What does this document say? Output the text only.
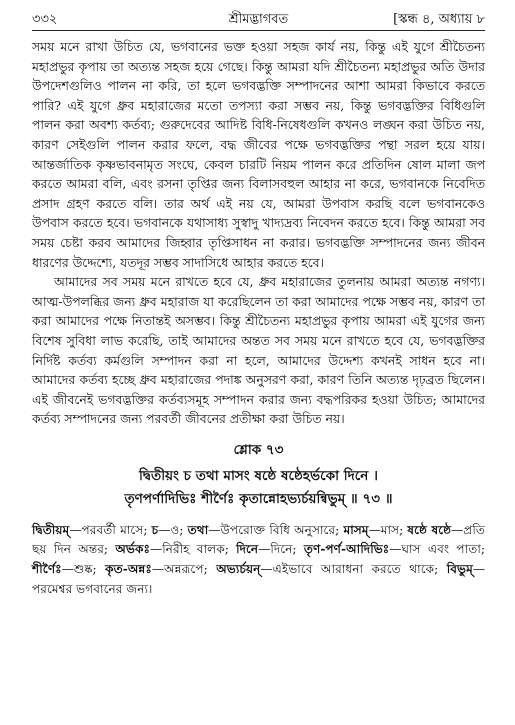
৩৩২	শ্রীমদ্ভাগবত	[স্কন্ধ ৪, অধ্যায় ৮

সময় মনে রাখা উচিত যে, ভগবানের ভক্ত হওয়া সহজ কার্য নয়, কিন্তু এই যুগে শ্রীচৈতন্য মহাপ্রভুর কৃপায় তা অত্যন্ত সহজ হয়ে গেছে। কিন্তু আমরা যদি শ্রীচৈতন্য মহাপ্রভুর অতি উদার উপদেশগুলিও পালন না করি, তা হলে ভগবদ্ভক্তি সম্পাদনের আশা আমরা কিভাবে করতে পারি? এই যুগে ধ্রুব মহারাজের মতো তপস্যা করা সম্ভব নয়, কিন্তু ভগবদ্ভক্তির বিধিগুলি পালন করা অবশ্য কর্তব্য; গুরুদেবের আদিষ্ট বিধি-নিষেধগুলি কখনও লঙ্ঘন করা উচিত নয়, কারণ সেইগুলি পালন করার ফলে, বদ্ধ জীবের পক্ষে ভগবদ্ভক্তির পন্থা সরল হয়ে যায়। আন্তর্জাতিক কৃষ্ণভাবনামৃত সংঘে, কেবল চারটি নিয়ম পালন করে প্রতিদিন ষোল মালা জপ করতে আমরা বলি, এবং রসনা তৃপ্তির জন্য বিলাসবহুল আহার না করে, ভগবানকে নিবেদিত প্রসাদ গ্রহণ করতে বলি। তার অর্থ এই নয় যে, আমরা উপবাস করছি বলে ভগবানকেও উপবাস করতে হবে। ভগবানকে যথাসাধ্য সুস্বাদু খাদ্যদ্রব্য নিবেদন করতে হবে। কিন্তু আমরা সব সময় চেষ্টা করব আমাদের জিহ্বার তৃপ্তিসাধন না করার। ভগবদ্ভক্তি সম্পাদনের জন্য জীবন ধারণের উদ্দেশ্যে, যতদূর সম্ভব সাদাসিধে আহার করতে হবে।

আমাদের সব সময় মনে রাখতে হবে যে, ধ্রুব মহারাজের তুলনায় আমরা অত্যন্ত নগণ্য। আত্ম-উপলব্ধির জন্য ধ্রুব মহারাজ যা করেছিলেন তা করা আমাদের পক্ষে সম্ভব নয়, কারণ তা করা আমাদের পক্ষে নিতান্তই অসম্ভব। কিন্তু শ্রীচৈতন্য মহাপ্রভুর কৃপায় আমরা এই যুগের জন্য বিশেষ সুবিধা লাভ করেছি, তাই আমাদের অন্তত সব সময় মনে রাখতে হবে যে, ভগবদ্ভক্তির নির্দিষ্ট কর্তব্য কর্মগুলি সম্পাদন করা না হলে, আমাদের উদ্দেশ্য কখনই সাধন হবে না। আমাদের কর্তব্য হচ্ছে ধ্রুব মহারাজের পদাঙ্ক অনুসরণ করা, কারণ তিনি অত্যন্ত দৃঢ়ব্রত ছিলেন। এই জীবনেই ভগবদ্ভক্তির কর্তব্যসমূহ সম্পাদন করার জন্য বদ্ধপরিকর হওয়া উচিত; আমাদের কর্তব্য সম্পাদনের জন্য পরবর্তী জীবনের প্রতীক্ষা করা উচিত নয়।

শ্লোক ৭৩

দ্বিতীয়ং চ তথা মাসং ষষ্ঠে ষষ্ঠেহর্ভকো দিনে ।

তৃণপর্ণাদিভিঃ শীর্ণৈঃ কৃতান্নোহভ্যর্চয়ন্বিভুম্ ॥ ৭৩ ॥

দ্বিতীয়ম্—পরবর্তী মাসে; চ—ও; তথা—উপরোক্ত বিধি অনুসারে; মাসম্—মাস; ষষ্ঠে ষষ্ঠে—প্রতি ছয় দিন অন্তর; অর্ভকঃ—নিরীহ বালক; দিনে—দিনে; তৃণ-পর্ণ-আদিভিঃ—ঘাস এবং পাতা; শীর্ণৈঃ—শুষ্ক; কৃত-অন্নঃ—অন্নরূপে; অভ্যর্চয়ন্—এইভাবে আরাধনা করতে থাকে; বিভুম্—পরমেশ্বর ভগবানের জন্য।
